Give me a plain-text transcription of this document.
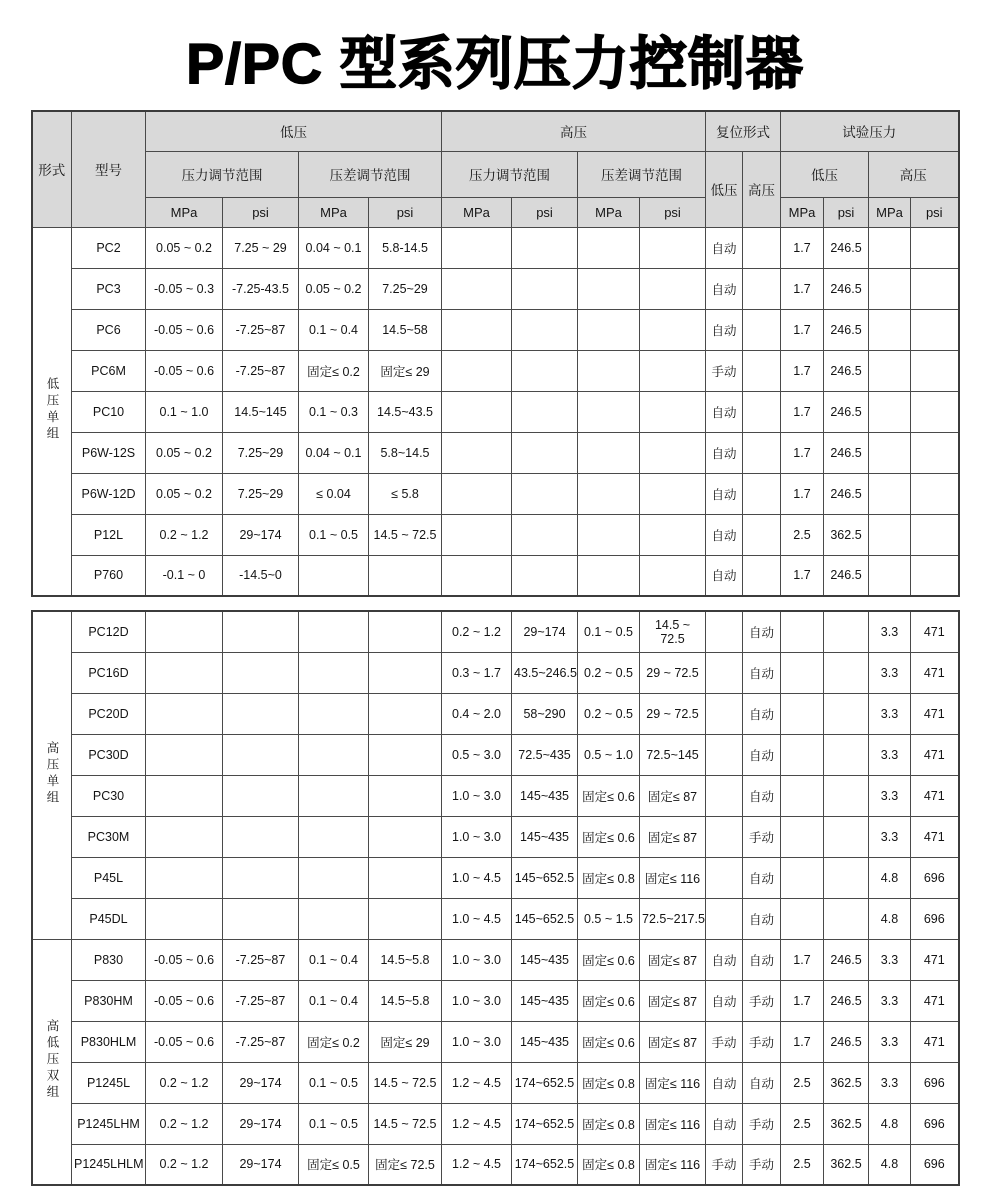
P/PC 型系列压力控制器
形式	型号	低压				高压				复位形式		试验压力			
		压力调节范围		压差调节范围		压力调节范围		压差调节范围		低压	高压	低压		高压	
		MPa	psi	MPa	psi	MPa	psi	MPa	psi			MPa	psi	MPa	psi
低压单组	PC2	0.05 ~ 0.2	7.25 ~ 29	0.04 ~ 0.1	5.8-14.5					自动		1.7	246.5		
	PC3	-0.05 ~ 0.3	-7.25-43.5	0.05 ~ 0.2	7.25~29					自动		1.7	246.5		
	PC6	-0.05 ~ 0.6	-7.25~87	0.1 ~ 0.4	14.5~58					自动		1.7	246.5		
	PC6M	-0.05 ~ 0.6	-7.25~87	固定≤ 0.2	固定≤ 29					手动		1.7	246.5		
	PC10	0.1 ~ 1.0	14.5~145	0.1 ~ 0.3	14.5~43.5					自动		1.7	246.5		
	P6W-12S	0.05 ~ 0.2	7.25~29	0.04 ~ 0.1	5.8~14.5					自动		1.7	246.5		
	P6W-12D	0.05 ~ 0.2	7.25~29	≤ 0.04	≤ 5.8					自动		1.7	246.5		
	P12L	0.2 ~ 1.2	29~174	0.1 ~ 0.5	14.5 ~ 72.5					自动		2.5	362.5		
	P760	-0.1 ~ 0	-14.5~0							自动		1.7	246.5		
高压单组	PC12D					0.2 ~ 1.2	29~174	0.1 ~ 0.5	14.5 ~ 72.5		自动			3.3	471
	PC16D					0.3 ~ 1.7	43.5~246.5	0.2 ~ 0.5	29 ~ 72.5		自动			3.3	471
	PC20D					0.4 ~ 2.0	58~290	0.2 ~ 0.5	29 ~ 72.5		自动			3.3	471
	PC30D					0.5 ~ 3.0	72.5~435	0.5 ~ 1.0	72.5~145		自动			3.3	471
	PC30					1.0 ~ 3.0	145~435	固定≤ 0.6	固定≤ 87		自动			3.3	471
	PC30M					1.0 ~ 3.0	145~435	固定≤ 0.6	固定≤ 87		手动			3.3	471
	P45L					1.0 ~ 4.5	145~652.5	固定≤ 0.8	固定≤ 116		自动			4.8	696
	P45DL					1.0 ~ 4.5	145~652.5	0.5 ~ 1.5	72.5~217.5		自动			4.8	696
高低压双组	P830	-0.05 ~ 0.6	-7.25~87	0.1 ~ 0.4	14.5~5.8	1.0 ~ 3.0	145~435	固定≤ 0.6	固定≤ 87	自动	自动	1.7	246.5	3.3	471
	P830HM	-0.05 ~ 0.6	-7.25~87	0.1 ~ 0.4	14.5~5.8	1.0 ~ 3.0	145~435	固定≤ 0.6	固定≤ 87	自动	手动	1.7	246.5	3.3	471
	P830HLM	-0.05 ~ 0.6	-7.25~87	固定≤ 0.2	固定≤ 29	1.0 ~ 3.0	145~435	固定≤ 0.6	固定≤ 87	手动	手动	1.7	246.5	3.3	471
	P1245L	0.2 ~ 1.2	29~174	0.1 ~ 0.5	14.5 ~ 72.5	1.2 ~ 4.5	174~652.5	固定≤ 0.8	固定≤ 116	自动	自动	2.5	362.5	3.3	696
	P1245LHM	0.2 ~ 1.2	29~174	0.1 ~ 0.5	14.5 ~ 72.5	1.2 ~ 4.5	174~652.5	固定≤ 0.8	固定≤ 116	自动	手动	2.5	362.5	4.8	696
	P1245LHLM	0.2 ~ 1.2	29~174	固定≤ 0.5	固定≤ 72.5	1.2 ~ 4.5	174~652.5	固定≤ 0.8	固定≤ 116	手动	手动	2.5	362.5	4.8	696
